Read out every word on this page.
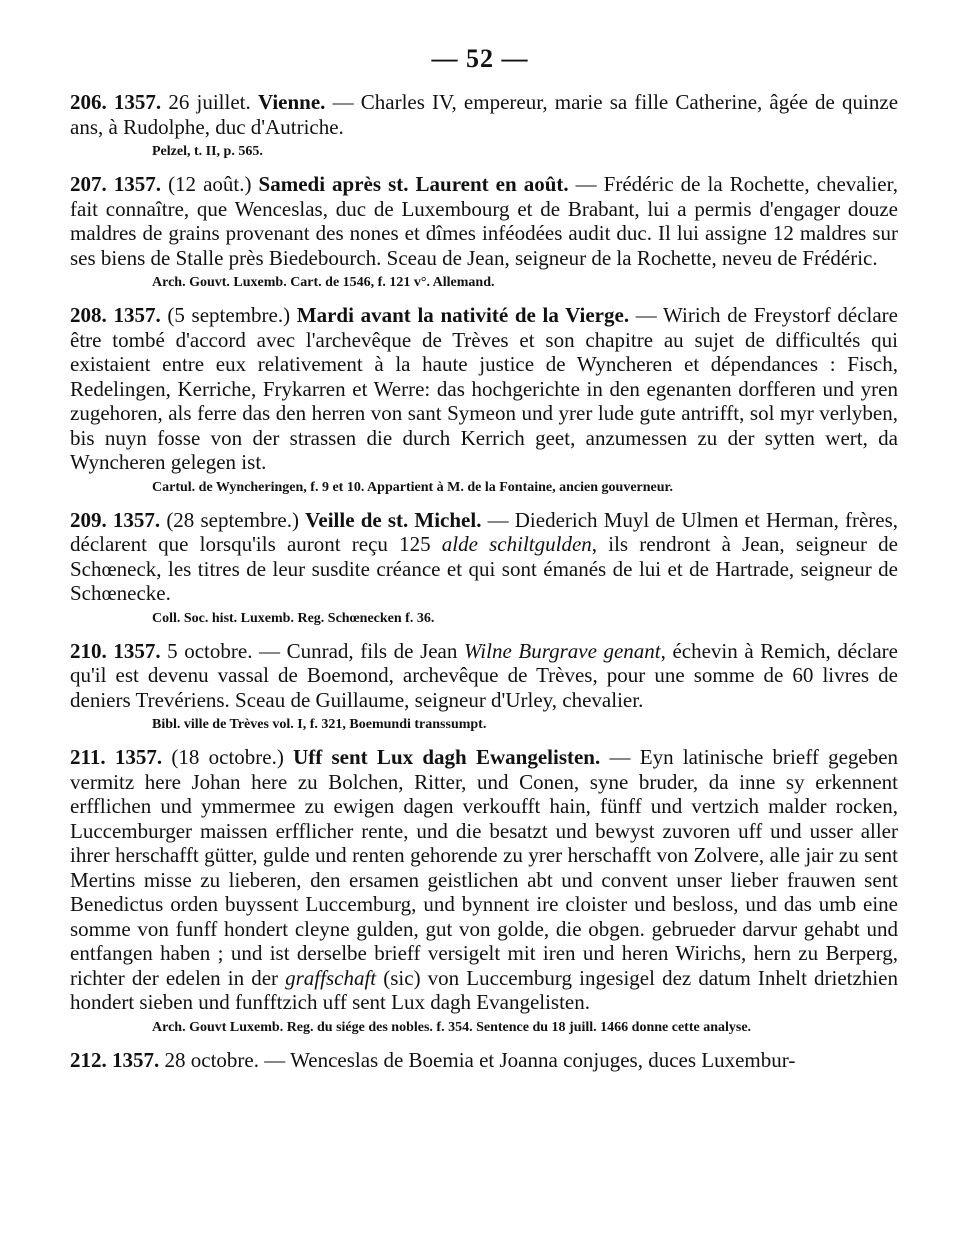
— 52 —

206. 1357. 26 juillet. Vienne. — Charles IV, empereur, marie sa fille Catherine, âgée de quinze ans, à Rudolphe, duc d'Autriche.

Pelzel, t. II, p. 565.

207. 1357. (12 août.) Samedi après st. Laurent en août. — Frédéric de la Rochette, chevalier, fait connaître, que Wenceslas, duc de Luxembourg et de Brabant, lui a permis d'engager douze maldres de grains provenant des nones et dîmes inféodées audit duc. Il lui assigne 12 maldres sur ses biens de Stalle près Biedebourch. Sceau de Jean, seigneur de la Rochette, neveu de Frédéric.

Arch. Gouvt. Luxemb. Cart. de 1546, f. 121 v°. Allemand.

208. 1357. (5 septembre.) Mardi avant la nativité de la Vierge. — Wirich de Freystorf déclare être tombé d'accord avec l'archevêque de Trèves et son chapitre au sujet de difficultés qui existaient entre eux relativement à la haute justice de Wyncheren et dépendances : Fisch, Redelingen, Kerriche, Frykarren et Werre: das hochgerichte in den egenanten dorfferen und yren zugehoren, als ferre das den herren von sant Symeon und yrer lude gute antrifft, sol myr verlyben, bis nuyn fosse von der strassen die durch Kerrich geet, anzumessen zu der sytten wert, da Wyncheren gelegen ist.

Cartul. de Wyncheringen, f. 9 et 10. Appartient à M. de la Fontaine, ancien gouverneur.

209. 1357. (28 septembre.) Veille de st. Michel. — Diederich Muyl de Ulmen et Herman, frères, déclarent que lorsqu'ils auront reçu 125 alde schiltgulden, ils rendront à Jean, seigneur de Schœneck, les titres de leur susdite créance et qui sont émanés de lui et de Hartrade, seigneur de Schœnecke.

Coll. Soc. hist. Luxemb. Reg. Schœnecken f. 36.

210. 1357. 5 octobre. — Cunrad, fils de Jean Wilne Burgrave genant, échevin à Remich, déclare qu'il est devenu vassal de Boemond, archevêque de Trèves, pour une somme de 60 livres de deniers Trevériens. Sceau de Guillaume, seigneur d'Urley, chevalier.

Bibl. ville de Trèves vol. I, f. 321, Boemundi transsumpt.

211. 1357. (18 octobre.) Uff sent Lux dagh Ewangelisten. — Eyn latinische brieff gegeben vermitz here Johan here zu Bolchen, Ritter, und Conen, syne bruder, da inne sy erkennent erfflichen und ymmermee zu ewigen dagen verkoufft hain, fünff und vertzich malder rocken, Luccemburger maissen erfflicher rente, und die besatzt und bewyst zuvoren uff und usser aller ihrer herschafft gütter, gulde und renten gehorende zu yrer herschafft von Zolvere, alle jair zu sent Mertins misse zu lieberen, den ersamen geistlichen abt und convent unser lieber frauwen sent Benedictus orden buyssent Luccemburg, und bynnent ire cloister und besloss, und das umb eine somme von funff hondert cleyne gulden, gut von golde, die obgen. gebrueder darvur gehabt und entfangen haben ; und ist derselbe brieff versigelt mit iren und heren Wirichs, hern zu Berperg, richter der edelen in der graffschaft (sic) von Luccemburg ingesigel dez datum Inhelt drietzhien hondert sieben und funfftzich uff sent Lux dagh Evangelisten.

Arch. Gouvt Luxemb. Reg. du siége des nobles. f. 354. Sentence du 18 juill. 1466 donne cette analyse.

212. 1357. 28 octobre. — Wenceslas de Boemia et Joanna conjuges, duces Luxembur-
